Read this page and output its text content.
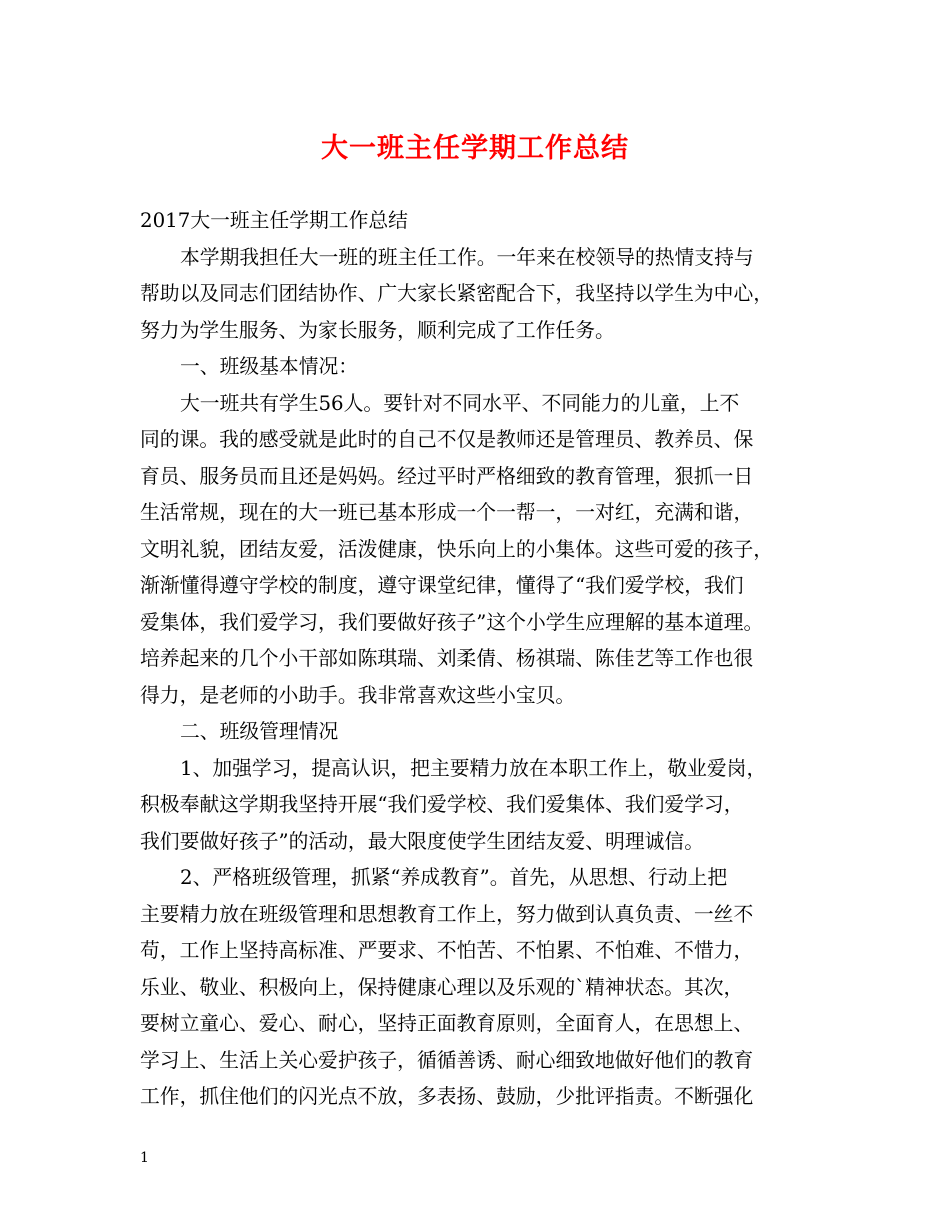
大一班主任学期工作总结
2017大一班主任学期工作总结
本学期我担任大一班的班主任工作。一年来在校领导的热情支持与
帮助以及同志们团结协作、广大家长紧密配合下，我坚持以学生为中心，
努力为学生服务、为家长服务，顺利完成了工作任务。
一、班级基本情况：
大一班共有学生56人。要针对不同水平、不同能力的儿童，上不
同的课。我的感受就是此时的自己不仅是教师还是管理员、教养员、保
育员、服务员而且还是妈妈。经过平时严格细致的教育管理，狠抓一日
生活常规，现在的大一班已基本形成一个一帮一，一对红，充满和谐，
文明礼貌，团结友爱，活泼健康，快乐向上的小集体。这些可爱的孩子，
渐渐懂得遵守学校的制度，遵守课堂纪律，懂得了“我们爱学校，我们
爱集体，我们爱学习，我们要做好孩子”这个小学生应理解的基本道理。
培养起来的几个小干部如陈琪瑞、刘柔倩、杨祺瑞、陈佳艺等工作也很
得力，是老师的小助手。我非常喜欢这些小宝贝。
二、班级管理情况
1、加强学习，提高认识，把主要精力放在本职工作上，敬业爱岗，
积极奉献这学期我坚持开展“我们爱学校、我们爱集体、我们爱学习，
我们要做好孩子”的活动，最大限度使学生团结友爱、明理诚信。
2、严格班级管理，抓紧“养成教育”。首先，从思想、行动上把
主要精力放在班级管理和思想教育工作上，努力做到认真负责、一丝不
苟，工作上坚持高标准、严要求、不怕苦、不怕累、不怕难、不惜力，
乐业、敬业、积极向上，保持健康心理以及乐观的`精神状态。其次，
要树立童心、爱心、耐心，坚持正面教育原则，全面育人，在思想上、
学习上、生活上关心爱护孩子，循循善诱、耐心细致地做好他们的教育
工作，抓住他们的闪光点不放，多表扬、鼓励，少批评指责。不断强化
1
